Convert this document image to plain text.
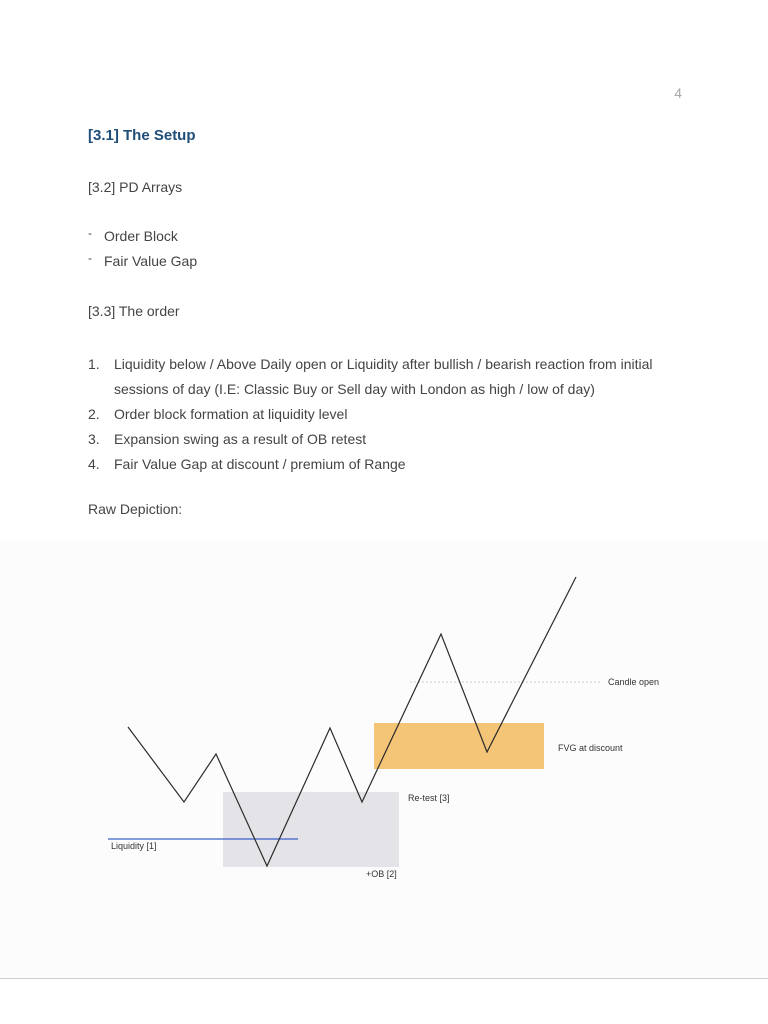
4
[3.1] The Setup
[3.2] PD Arrays
- Order Block
- Fair Value Gap
[3.3] The order
1. Liquidity below / Above Daily open or Liquidity after bullish / bearish reaction from initial sessions of day (I.E: Classic Buy or Sell day with London as high / low of day)
2. Order block formation at liquidity level
3. Expansion swing as a result of OB retest
4. Fair Value Gap at discount / premium of Range
Raw Depiction:
Candle open
FVG at discount
Re-test [3]
Liquidity [1]
+OB [2]
